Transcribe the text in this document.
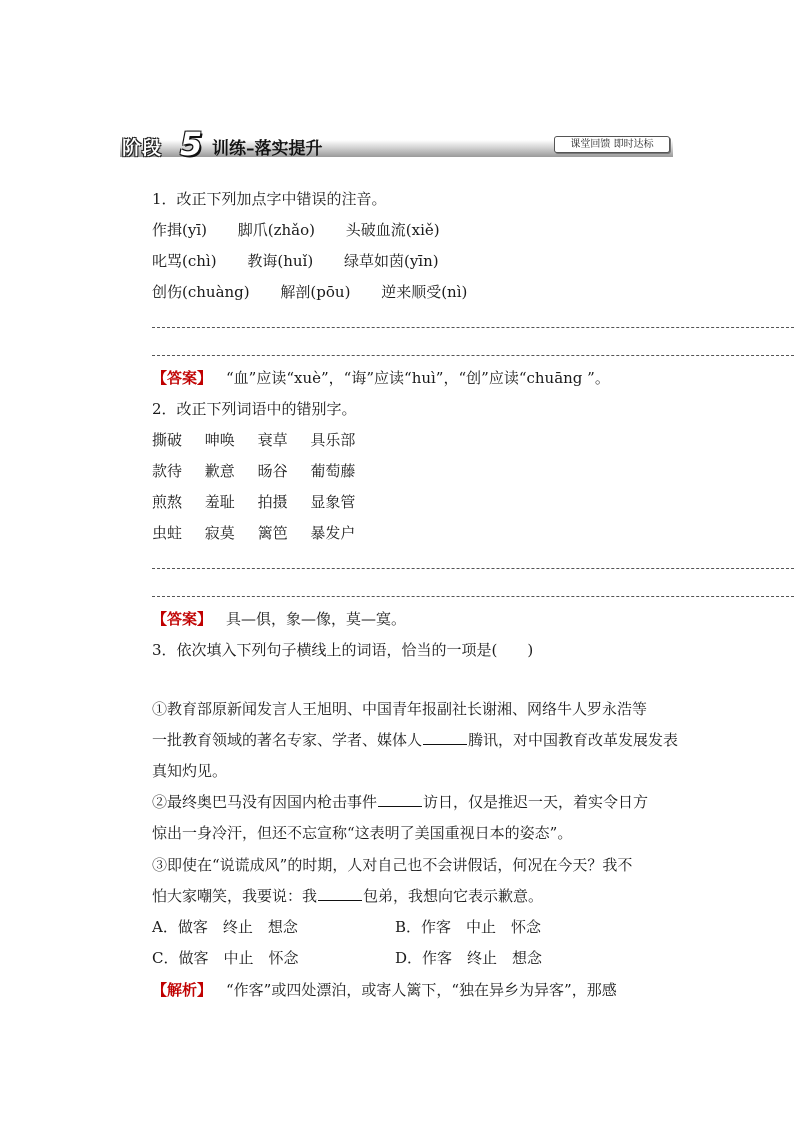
阶段 5 训练–落实提升	课堂回馈 即时达标
1．改正下列加点字中错误的注音。
作揖(yī) 脚爪(zhǎo) 头破血流(xiě)
叱骂(chì) 教诲(huǐ) 绿草如茵(yīn)
创伤(chuàng) 解剖(pōu) 逆来顺受(nì)
【答案】 “血”应读“xuè”，“诲”应读“huì”，“创”应读“chuāng ”。
2．改正下列词语中的错别字。
撕破 呻唤 衰草 具乐部
款待 歉意 旸谷 葡萄藤
煎熬 羞耻 拍摄 显象管
虫蛀 寂莫 篱笆 暴发户
【答案】 具—俱，象—像，莫—寞。
3．依次填入下列句子横线上的词语，恰当的一项是(　　)
①教育部原新闻发言人王旭明、中国青年报副社长谢湘、网络牛人罗永浩等
一批教育领域的著名专家、学者、媒体人	腾讯，对中国教育改革发展发表
真知灼见。
②最终奥巴马没有因国内枪击事件	访日，仅是推迟一天，着实令日方
惊出一身冷汗，但还不忘宣称“这表明了美国重视日本的姿态”。
③即使在“说谎成风”的时期，人对自己也不会讲假话，何况在今天？我不
怕大家嘲笑，我要说：我	包弟，我想向它表示歉意。
A．做客　终止　想念	B．作客　中止　怀念
C．做客　中止　怀念	D．作客　终止　想念
【解析】 “作客”或四处漂泊，或寄人篱下，“独在异乡为异客”，那感
